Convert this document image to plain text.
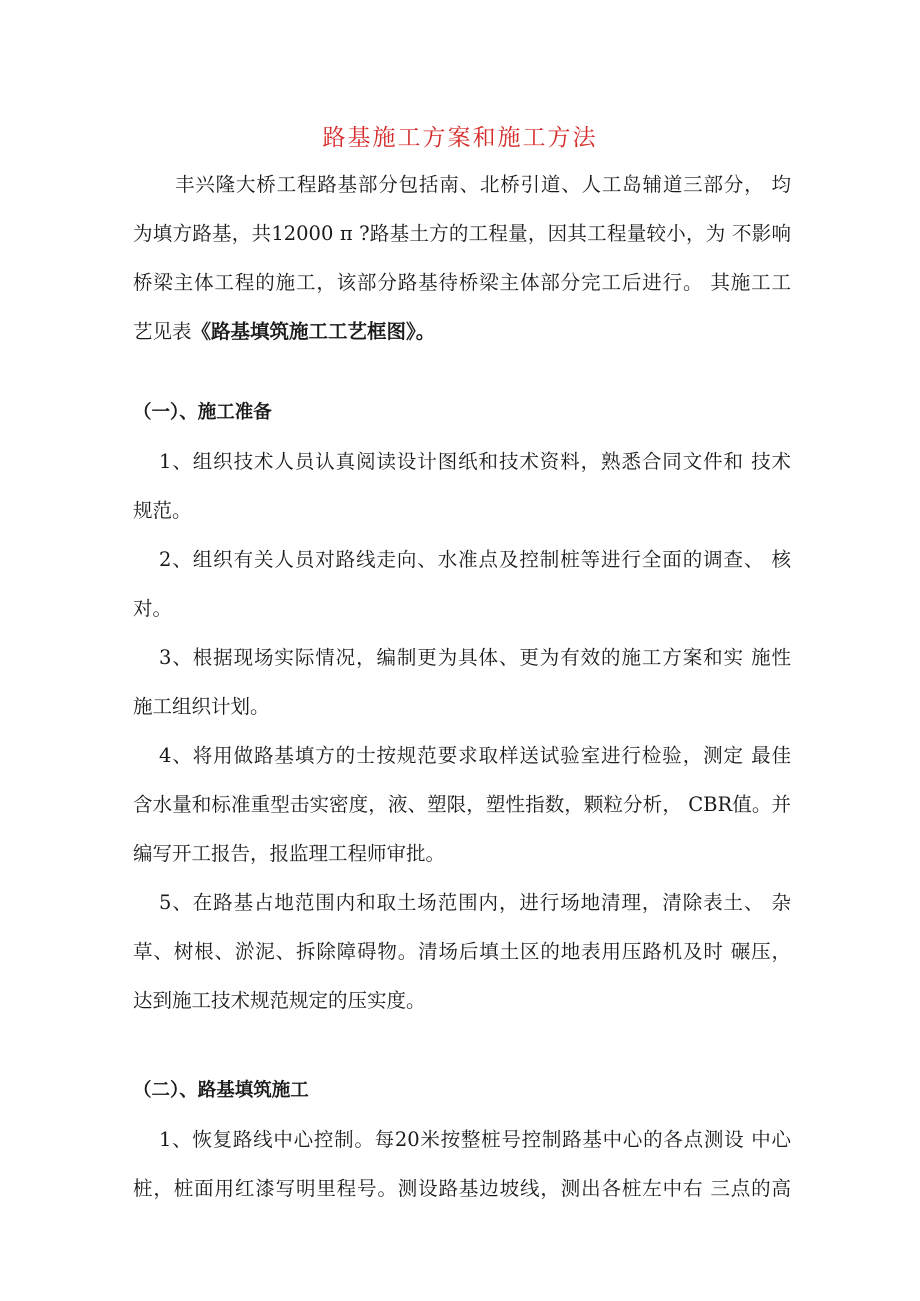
路基施工方案和施工方法
丰兴隆大桥工程路基部分包括南、北桥引道、人工岛辅道三部分， 均
为填方路基，共12000 π ?路基土方的工程量，因其工程量较小，为 不影响
桥梁主体工程的施工，该部分路基待桥梁主体部分完工后进行。 其施工工
艺见表《路基填筑施工工艺框图》。
（一）、施工准备
1、组织技术人员认真阅读设计图纸和技术资料，熟悉合同文件和 技术
规范。
2、组织有关人员对路线走向、水准点及控制桩等进行全面的调查、 核
对。
3、根据现场实际情况，编制更为具体、更为有效的施工方案和实 施性
施工组织计划。
4、将用做路基填方的士按规范要求取样送试验室进行检验，测定 最佳
含水量和标准重型击实密度，液、塑限，塑性指数，颗粒分析， CBR值。并
编写开工报告，报监理工程师审批。
5、在路基占地范围内和取土场范围内，进行场地清理，清除表土、 杂
草、树根、淤泥、拆除障碍物。清场后填土区的地表用压路机及时 碾压，
达到施工技术规范规定的压实度。
（二）、路基填筑施工
1、恢复路线中心控制。每20米按整桩号控制路基中心的各点测设 中心
桩，桩面用红漆写明里程号。测设路基边坡线，测出各桩左中右 三点的高
